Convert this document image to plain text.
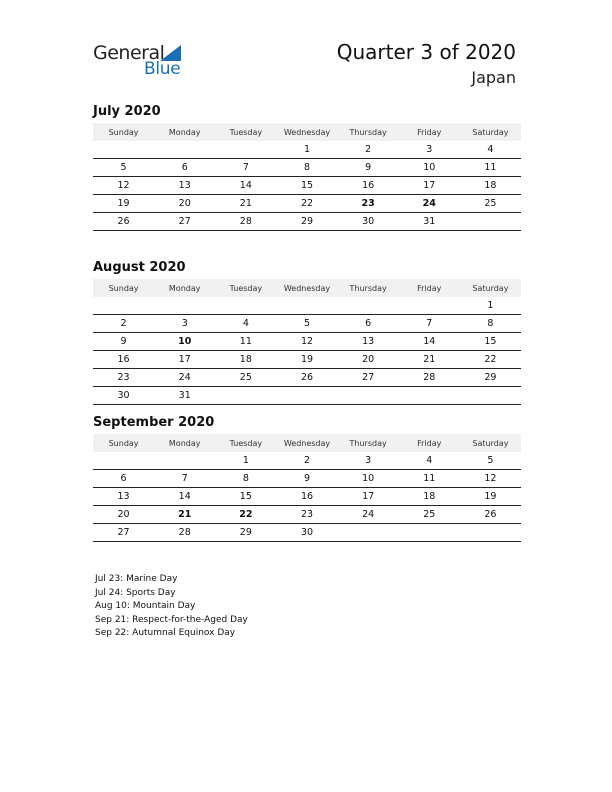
General
Blue
Quarter 3 of 2020
Japan
July 2020
Sunday	Monday	Tuesday	Wednesday	Thursday	Friday	Saturday
			1	2	3	4
5	6	7	8	9	10	11
12	13	14	15	16	17	18
19	20	21	22	23	24	25
26	27	28	29	30	31	
August 2020
Sunday	Monday	Tuesday	Wednesday	Thursday	Friday	Saturday
						1
2	3	4	5	6	7	8
9	10	11	12	13	14	15
16	17	18	19	20	21	22
23	24	25	26	27	28	29
30	31					
September 2020
Sunday	Monday	Tuesday	Wednesday	Thursday	Friday	Saturday
		1	2	3	4	5
6	7	8	9	10	11	12
13	14	15	16	17	18	19
20	21	22	23	24	25	26
27	28	29	30			
Jul 23: Marine Day
Jul 24: Sports Day
Aug 10: Mountain Day
Sep 21: Respect-for-the-Aged Day
Sep 22: Autumnal Equinox Day
